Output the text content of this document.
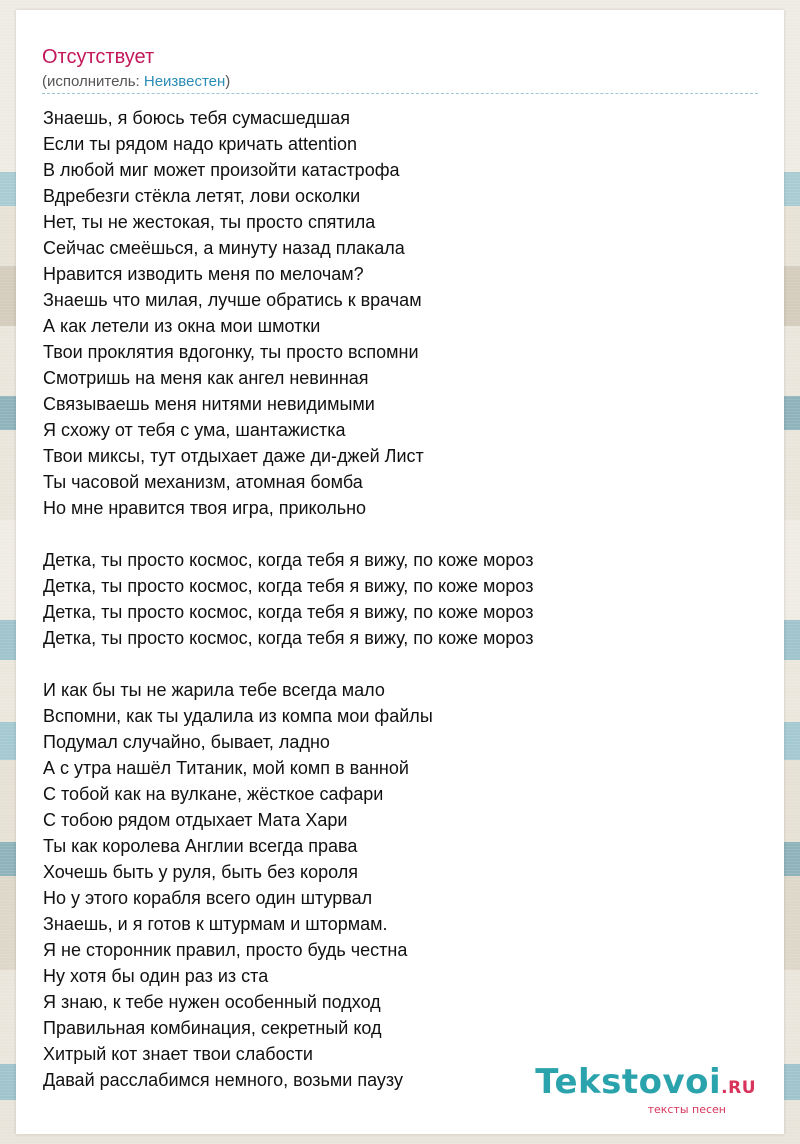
Отсутствует
(исполнитель: Неизвестен)
Знаешь, я боюсь тебя сумасшедшая
Если ты рядом надо кричать attention
В любой миг может произойти катастрофа
Вдребезги стёкла летят, лови осколки
Нет, ты не жестокая, ты просто спятила
Сейчас смеёшься, а минуту назад плакала
Нравится изводить меня по мелочам?
Знаешь что милая, лучше обратись к врачам
А как летели из окна мои шмотки
Твои проклятия вдогонку, ты просто вспомни
Смотришь на меня как ангел невинная
Связываешь меня нитями невидимыми
Я схожу от тебя с ума, шантажистка
Твои миксы, тут отдыхает даже ди-джей Лист
Ты часовой механизм, атомная бомба
Но мне нравится твоя игра, прикольно
Детка, ты просто космос, когда тебя я вижу, по коже мороз
Детка, ты просто космос, когда тебя я вижу, по коже мороз
Детка, ты просто космос, когда тебя я вижу, по коже мороз
Детка, ты просто космос, когда тебя я вижу, по коже мороз
И как бы ты не жарила тебе всегда мало
Вспомни, как ты удалила из компа мои файлы
Подумал случайно, бывает, ладно
А с утра нашёл Титаник, мой комп в ванной
С тобой как на вулкане, жёсткое сафари
С тобою рядом отдыхает Мата Хари
Ты как королева Англии всегда права
Хочешь быть у руля, быть без короля
Но у этого корабля всего один штурвал
Знаешь, и я готов к штурмам и штормам.
Я не сторонник правил, просто будь честна
Ну хотя бы один раз из ста
Я знаю, к тебе нужен особенный подход
Правильная комбинация, секретный код
Хитрый кот знает твои слабости
Давай расслабимся немного, возьми паузу	Tekstovoi.RU
тексты песен
